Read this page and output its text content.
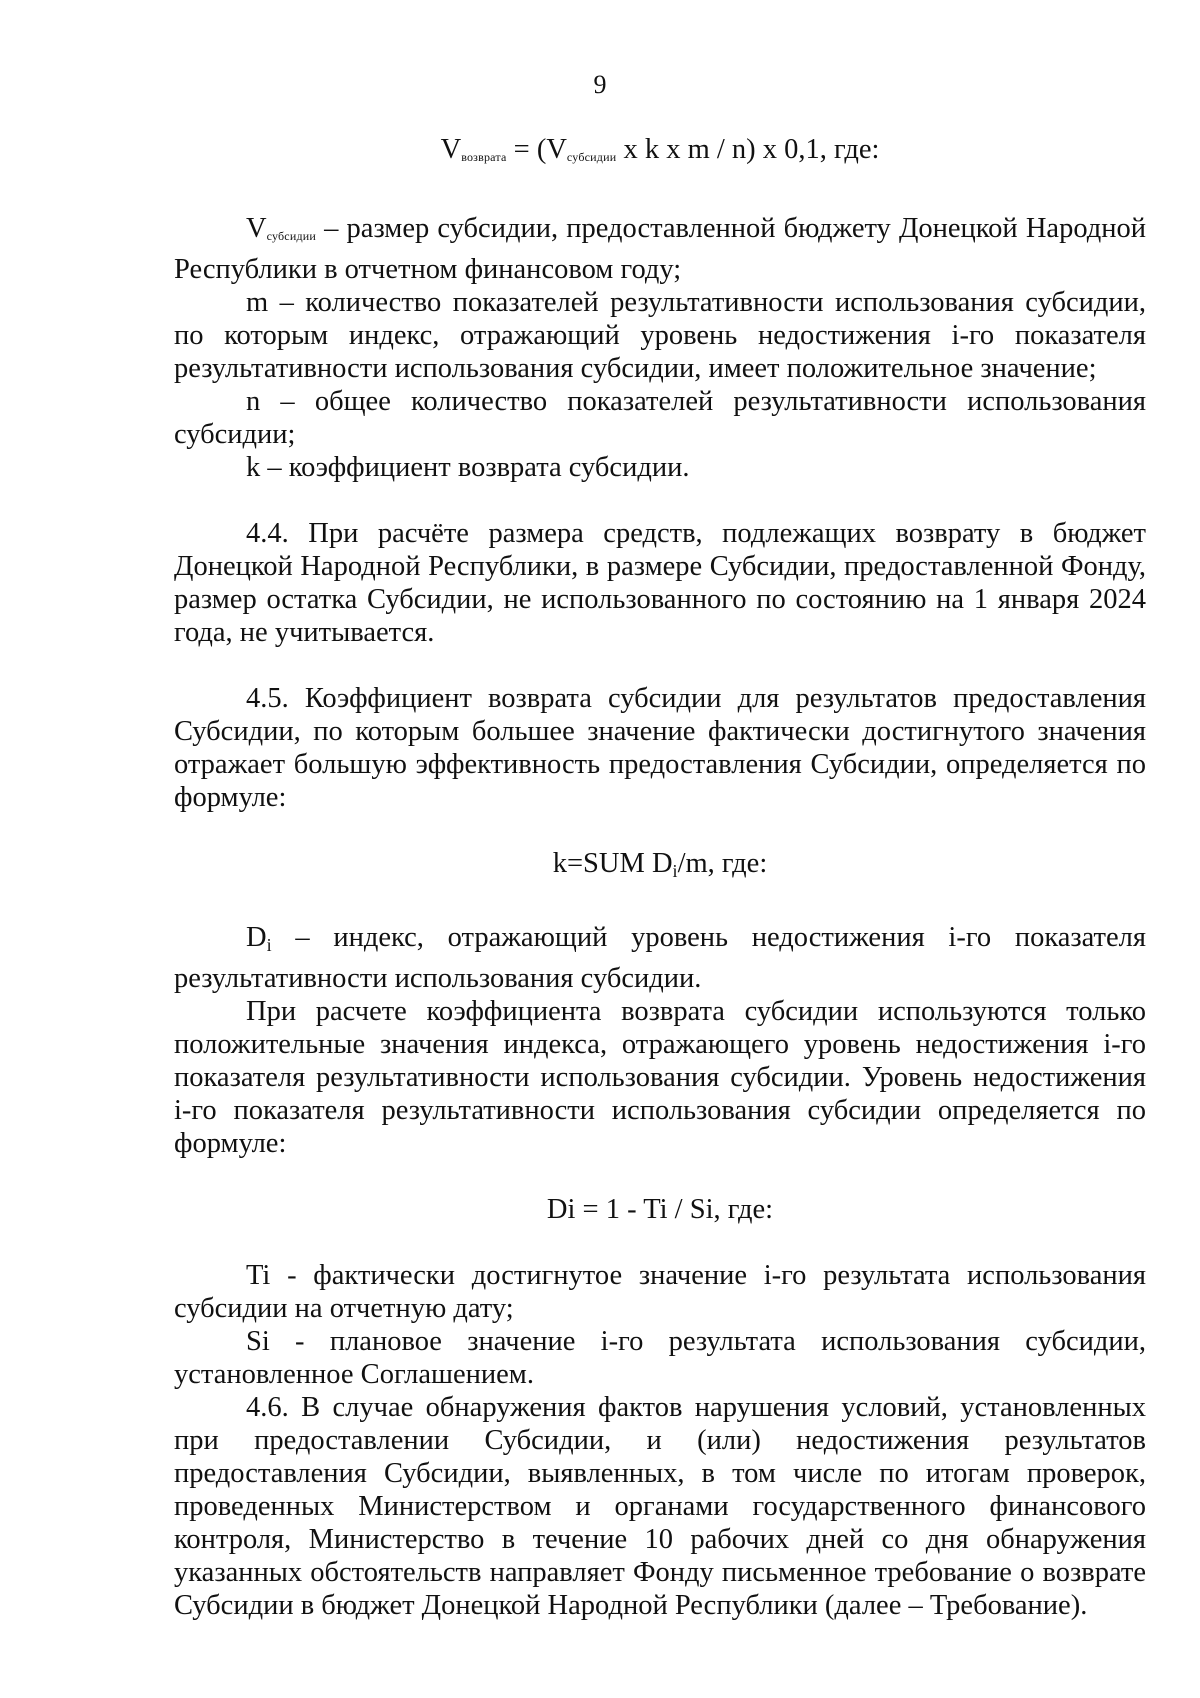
9

$V_{возврата} = (V_{субсидии}$ х k х m / n) х 0,1, где:

$V_{субсидии}$ – размер субсидии, предоставленной бюджету Донецкой Народной Республики в отчетном финансовом году;

m – количество показателей результативности использования субсидии, по которым индекс, отражающий уровень недостижения i-го показателя результативности использования субсидии, имеет положительное значение;

n – общее количество показателей результативности использования субсидии;

k – коэффициент возврата субсидии.

4.4. При расчёте размера средств, подлежащих возврату в бюджет Донецкой Народной Республики, в размере Субсидии, предоставленной Фонду, размер остатка Субсидии, не использованного по состоянию на 1 января 2024 года, не учитывается.

4.5. Коэффициент возврата субсидии для результатов предоставления Субсидии, по которым большее значение фактически достигнутого значения отражает большую эффективность предоставления Субсидии, определяется по формуле:

k=SUM Di/m, где:

Di – индекс, отражающий уровень недостижения i-го показателя результативности использования субсидии.

При расчете коэффициента возврата субсидии используются только положительные значения индекса, отражающего уровень недостижения i-го показателя результативности использования субсидии. Уровень недостижения i-го показателя результативности использования субсидии определяется по формуле:

Di = 1 - Ti / Si, где:

Ti - фактически достигнутое значение i-го результата использования субсидии на отчетную дату;

Si - плановое значение i-го результата использования субсидии, установленное Соглашением.

4.6. В случае обнаружения фактов нарушения условий, установленных при предоставлении Субсидии, и (или) недостижения результатов предоставления Субсидии, выявленных, в том числе по итогам проверок, проведенных Министерством и органами государственного финансового контроля, Министерство в течение 10 рабочих дней со дня обнаружения указанных обстоятельств направляет Фонду письменное требование о возврате Субсидии в бюджет Донецкой Народной Республики (далее – Требование).
